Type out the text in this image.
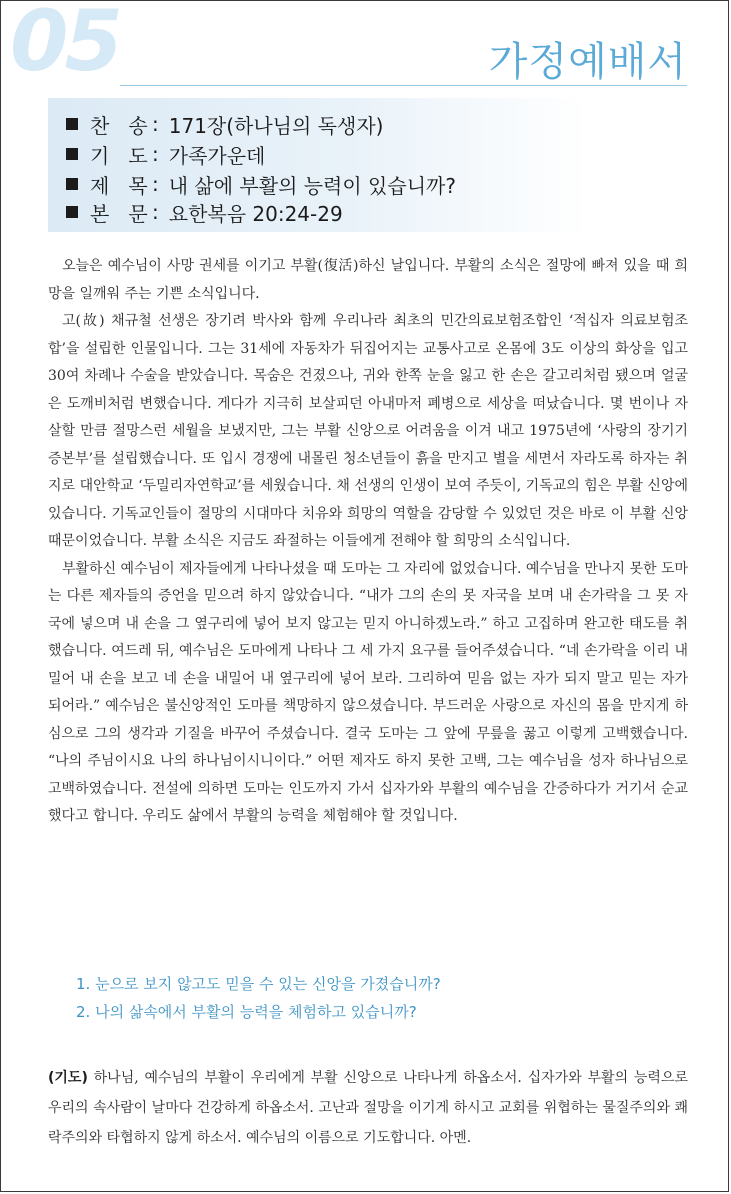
05	가정예배서
찬 송 : 171장(하나님의 독생자)
기 도 : 가족가운데
제 목 : 내 삶에 부활의 능력이 있습니까?
본 문 : 요한복음 20:24-29

오늘은 예수님이 사망 권세를 이기고 부활(復活)하신 날입니다. 부활의 소식은 절망에 빠져 있을 때 희망을 일깨워 주는 기쁜 소식입니다.

고(故) 채규철 선생은 장기려 박사와 함께 우리나라 최초의 민간의료보험조합인 ‘적십자 의료보험조합’을 설립한 인물입니다. 그는 31세에 자동차가 뒤집어지는 교통사고로 온몸에 3도 이상의 화상을 입고 30여 차례나 수술을 받았습니다. 목숨은 건졌으나, 귀와 한쪽 눈을 잃고 한 손은 갈고리처럼 됐으며 얼굴은 도깨비처럼 변했습니다. 게다가 지극히 보살피던 아내마저 폐병으로 세상을 떠났습니다. 몇 번이나 자살할 만큼 절망스런 세월을 보냈지만, 그는 부활 신앙으로 어려움을 이겨 내고 1975년에 ‘사랑의 장기기증본부’를 설립했습니다. 또 입시 경쟁에 내몰린 청소년들이 흙을 만지고 별을 세면서 자라도록 하자는 취지로 대안학교 ‘두밀리자연학교’를 세웠습니다. 채 선생의 인생이 보여 주듯이, 기독교의 힘은 부활 신앙에 있습니다. 기독교인들이 절망의 시대마다 치유와 희망의 역할을 감당할 수 있었던 것은 바로 이 부활 신앙 때문이었습니다. 부활 소식은 지금도 좌절하는 이들에게 전해야 할 희망의 소식입니다.

부활하신 예수님이 제자들에게 나타나셨을 때 도마는 그 자리에 없었습니다. 예수님을 만나지 못한 도마는 다른 제자들의 증언을 믿으려 하지 않았습니다. “내가 그의 손의 못 자국을 보며 내 손가락을 그 못 자국에 넣으며 내 손을 그 옆구리에 넣어 보지 않고는 믿지 아니하겠노라.” 하고 고집하며 완고한 태도를 취했습니다. 여드레 뒤, 예수님은 도마에게 나타나 그 세 가지 요구를 들어주셨습니다. “네 손가락을 이리 내밀어 내 손을 보고 네 손을 내밀어 내 옆구리에 넣어 보라. 그리하여 믿음 없는 자가 되지 말고 믿는 자가 되어라.” 예수님은 불신앙적인 도마를 책망하지 않으셨습니다. 부드러운 사랑으로 자신의 몸을 만지게 하심으로 그의 생각과 기질을 바꾸어 주셨습니다. 결국 도마는 그 앞에 무릎을 꿇고 이렇게 고백했습니다. “나의 주님이시요 나의 하나님이시니이다.” 어떤 제자도 하지 못한 고백, 그는 예수님을 성자 하나님으로 고백하였습니다. 전설에 의하면 도마는 인도까지 가서 십자가와 부활의 예수님을 간증하다가 거기서 순교했다고 합니다. 우리도 삶에서 부활의 능력을 체험해야 할 것입니다.

1. 눈으로 보지 않고도 믿을 수 있는 신앙을 가졌습니까?
2. 나의 삶속에서 부활의 능력을 체험하고 있습니까?

(기도) 하나님, 예수님의 부활이 우리에게 부활 신앙으로 나타나게 하옵소서. 십자가와 부활의 능력으로 우리의 속사람이 날마다 건강하게 하옵소서. 고난과 절망을 이기게 하시고 교회를 위협하는 물질주의와 쾌락주의와 타협하지 않게 하소서. 예수님의 이름으로 기도합니다. 아멘.
